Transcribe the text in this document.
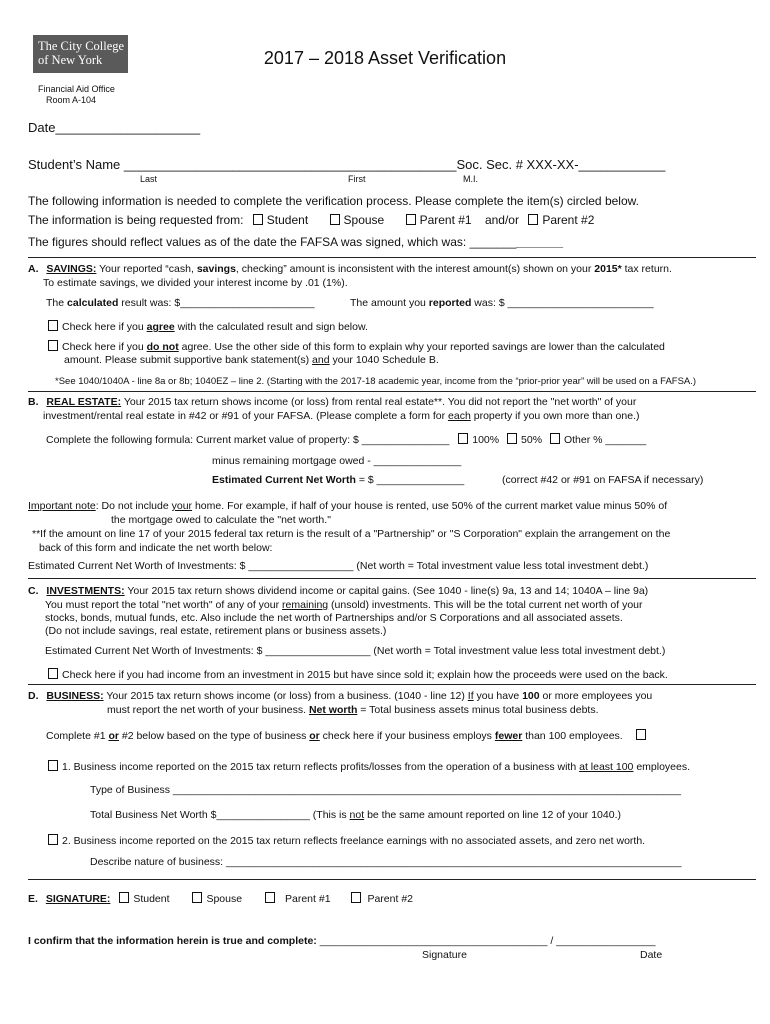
The City College
of New York	2017 – 2018 Asset Verification
Financial Aid Office
Room A-104
Date____________________
Student’s Name ______________________________________________Soc. Sec. # XXX-XX-____________
Last	First	M.I.
The following information is needed to complete the verification process. Please complete the item(s) circled below.
The information is being requested from: Student	Spouse	Parent #1 and/or Parent #2
The figures should reflect values as of the date the FAFSA was signed, which was: ______________
A. SAVINGS: Your reported “cash, savings, checking” amount is inconsistent with the interest amount(s) shown on your 2015* tax return.
To estimate savings, we divided your interest income by .01 (1%).
The calculated result was: $_______________________	The amount you reported was: $ _________________________
Check here if you agree with the calculated result and sign below.
Check here if you do not agree. Use the other side of this form to explain why your reported savings are lower than the calculated
amount. Please submit supportive bank statement(s) and your 1040 Schedule B.
*See 1040/1040A - line 8a or 8b; 1040EZ – line 2. (Starting with the 2017-18 academic year, income from the “prior-prior year” will be used on a FAFSA.)
B. REAL ESTATE: Your 2015 tax return shows income (or loss) from rental real estate**. You did not report the "net worth" of your
investment/rental real estate in #42 or #91 of your FAFSA. (Please complete a form for each property if you own more than one.)
Complete the following formula: Current market value of property: $ _______________ 100% 50% Other % _______
minus remaining mortgage owed - _______________
Estimated Current Net Worth = $ _______________	(correct #42 or #91 on FAFSA if necessary)
Important note: Do not include your home. For example, if half of your house is rented, use 50% of the current market value minus 50% of
the mortgage owed to calculate the "net worth."
**If the amount on line 17 of your 2015 federal tax return is the result of a "Partnership" or "S Corporation" explain the arrangement on the
back of this form and indicate the net worth below:
Estimated Current Net Worth of Investments: $ __________________ (Net worth = Total investment value less total investment debt.)
C. INVESTMENTS: Your 2015 tax return shows dividend income or capital gains. (See 1040 - line(s) 9a, 13 and 14; 1040A – line 9a)
You must report the total "net worth" of any of your remaining (unsold) investments. This will be the total current net worth of your
stocks, bonds, mutual funds, etc. Also include the net worth of Partnerships and/or S Corporations and all associated assets.
(Do not include savings, real estate, retirement plans or business assets.)
Estimated Current Net Worth of Investments: $ __________________ (Net worth = Total investment value less total investment debt.)
Check here if you had income from an investment in 2015 but have since sold it; explain how the proceeds were used on the back.
D. BUSINESS: Your 2015 tax return shows income (or loss) from a business. (1040 - line 12) If you have 100 or more employees you
must report the net worth of your business. Net worth = Total business assets minus total business debts.
Complete #1 or #2 below based on the type of business or check here if your business employs fewer than 100 employees.
1. Business income reported on the 2015 tax return reflects profits/losses from the operation of a business with at least 100 employees.
Type of Business _______________________________________________________________________________________
Total Business Net Worth $________________ (This is not be the same amount reported on line 12 of your 1040.)
2. Business income reported on the 2015 tax return reflects freelance earnings with no associated assets, and zero net worth.
Describe nature of business: ______________________________________________________________________________
E. SIGNATURE: Student	Spouse	Parent #1	Parent #2
I confirm that the information herein is true and complete: _______________________________________ / _________________
Signature	Date
